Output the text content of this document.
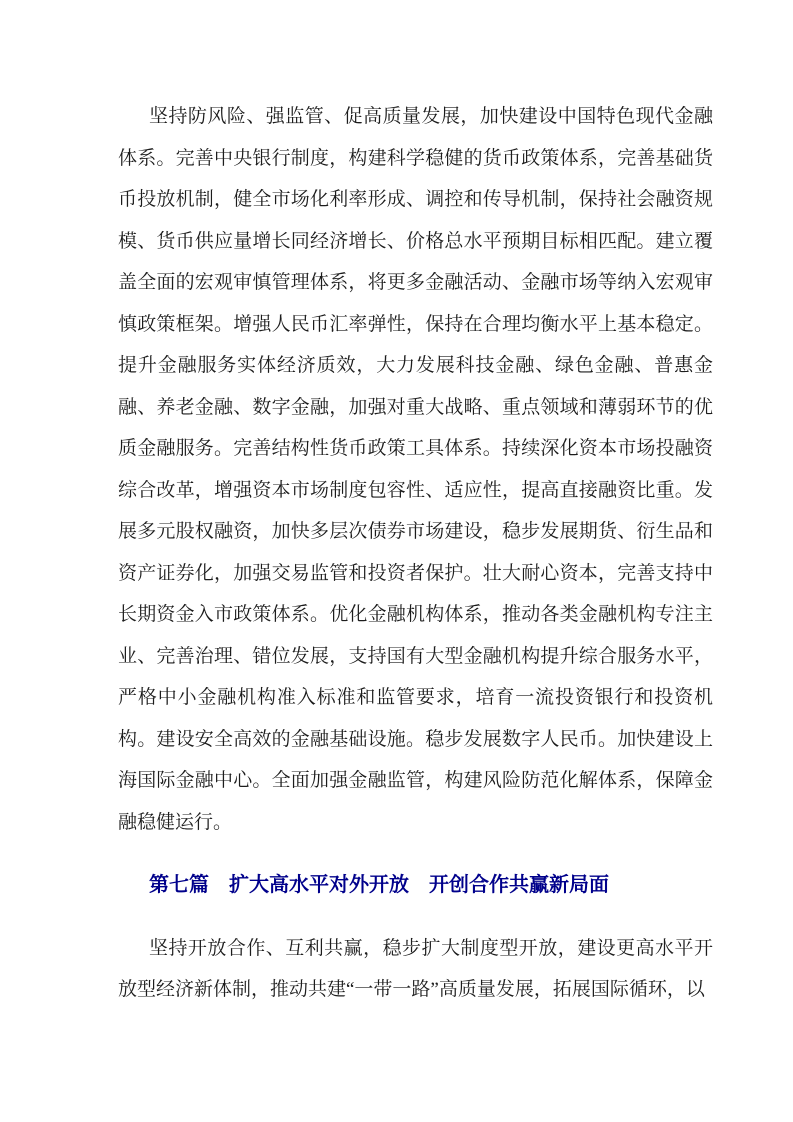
坚持防风险、强监管、促高质量发展，加快建设中国特色现代金融体系。完善中央银行制度，构建科学稳健的货币政策体系，完善基础货币投放机制，健全市场化利率形成、调控和传导机制，保持社会融资规模、货币供应量增长同经济增长、价格总水平预期目标相匹配。建立覆盖全面的宏观审慎管理体系，将更多金融活动、金融市场等纳入宏观审慎政策框架。增强人民币汇率弹性，保持在合理均衡水平上基本稳定。提升金融服务实体经济质效，大力发展科技金融、绿色金融、普惠金融、养老金融、数字金融，加强对重大战略、重点领域和薄弱环节的优质金融服务。完善结构性货币政策工具体系。持续深化资本市场投融资综合改革，增强资本市场制度包容性、适应性，提高直接融资比重。发展多元股权融资，加快多层次债券市场建设，稳步发展期货、衍生品和资产证券化，加强交易监管和投资者保护。壮大耐心资本，完善支持中长期资金入市政策体系。优化金融机构体系，推动各类金融机构专注主业、完善治理、错位发展，支持国有大型金融机构提升综合服务水平，严格中小金融机构准入标准和监管要求，培育一流投资银行和投资机构。建设安全高效的金融基础设施。稳步发展数字人民币。加快建设上海国际金融中心。全面加强金融监管，构建风险防范化解体系，保障金融稳健运行。

第七篇　扩大高水平对外开放　开创合作共赢新局面

坚持开放合作、互利共赢，稳步扩大制度型开放，建设更高水平开放型经济新体制，推动共建“一带一路”高质量发展，拓展国际循环，以
